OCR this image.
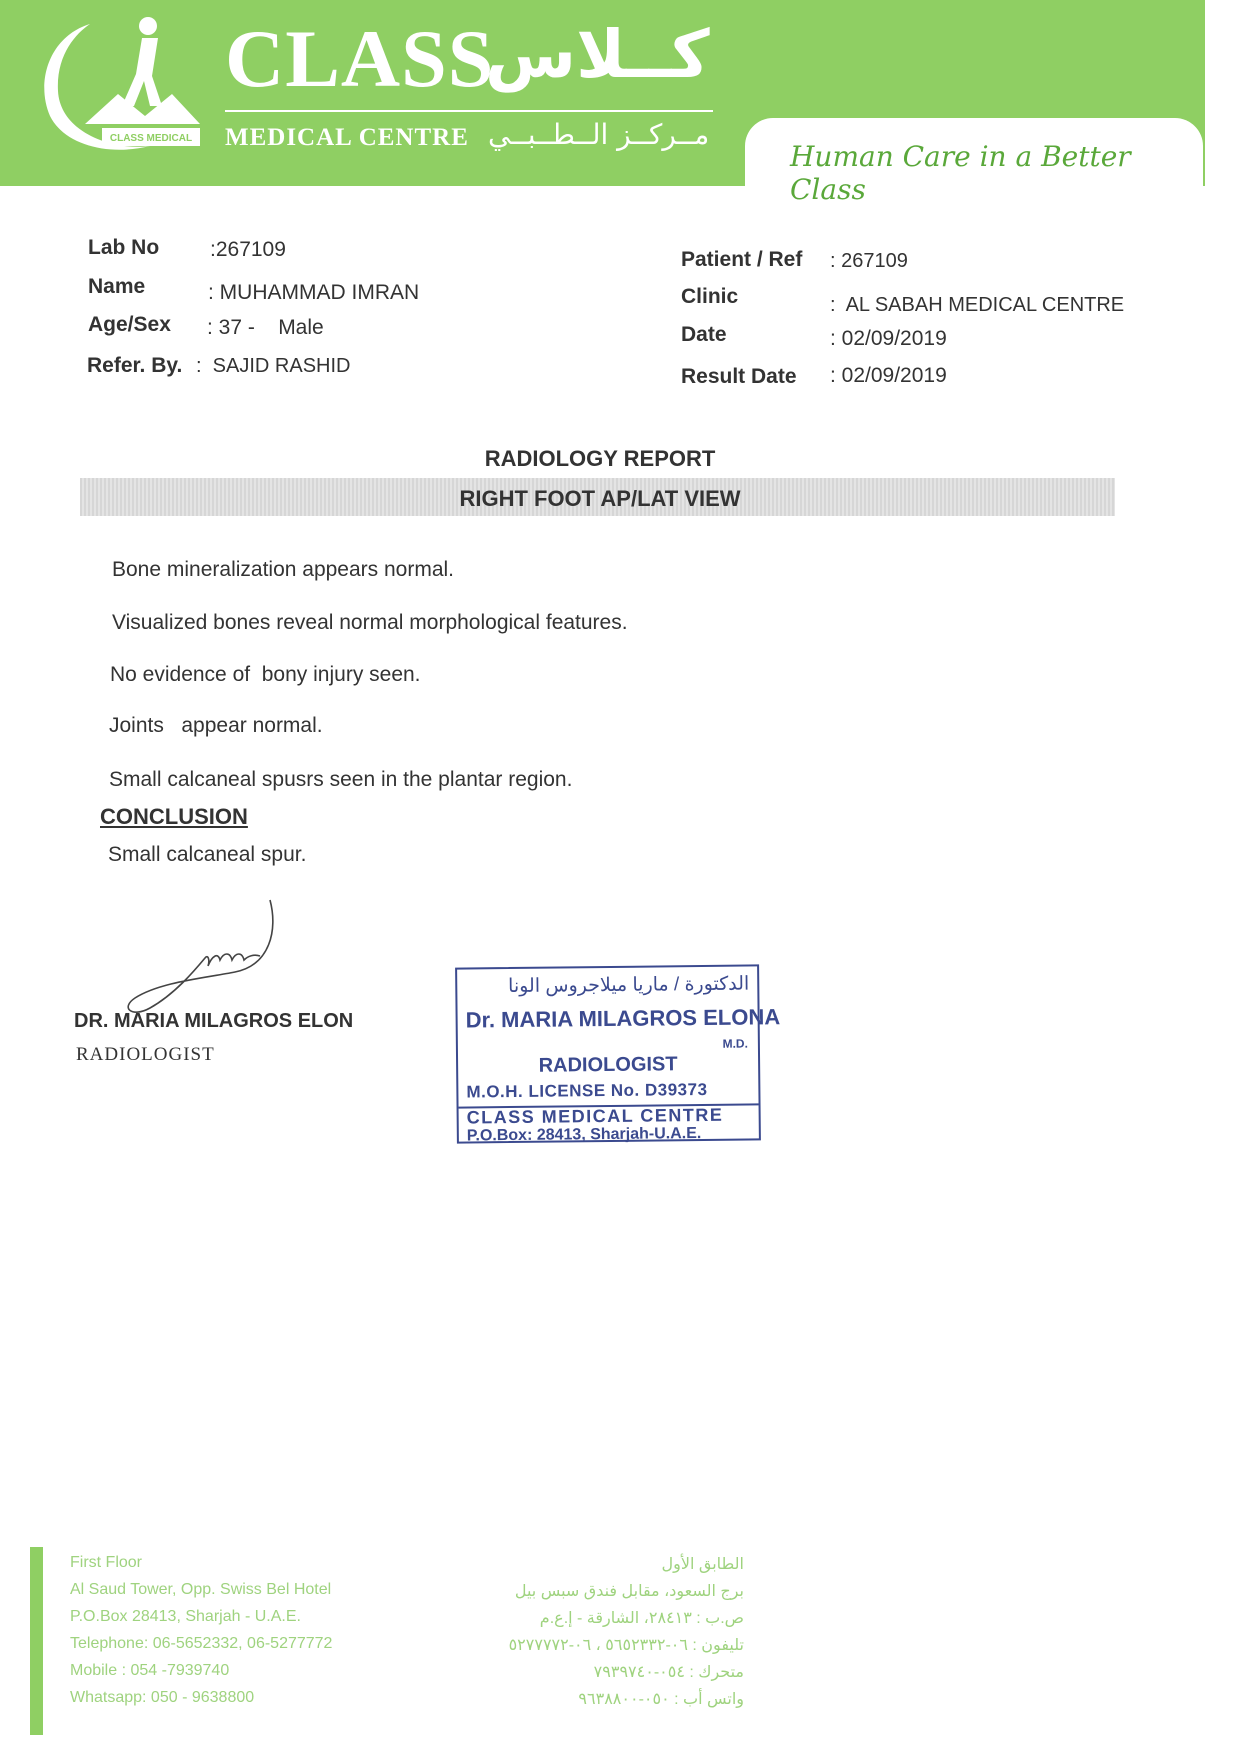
CLASS MEDICAL
CLASS
كــلاس
MEDICAL CENTRE مــركــز الــطــبــي
Human Care in a Better Class
Lab No :267109
Name	: MUHAMMAD IMRAN
Age/Sex : 37 -    Male
Refer. By. :  SAJID RASHID
Patient / Ref : 267109
Clinic	:  AL SABAH MEDICAL CENTRE
Date	: 02/09/2019
Result Date : 02/09/2019
RADIOLOGY REPORT
RIGHT FOOT AP/LAT VIEW
Bone mineralization appears normal.
Visualized bones reveal normal morphological features.
No evidence of  bony injury seen.
Joints   appear normal.
Small calcaneal spusrs seen in the plantar region.
CONCLUSION
Small calcaneal spur.
DR. MARIA MILAGROS ELON
RADIOLOGIST
الدكتورة / ماريا ميلاجروس الونا
Dr. MARIA MILAGROS ELONA
M.D.
RADIOLOGIST
M.O.H. LICENSE No. D39373
CLASS MEDICAL CENTRE
P.O.Box: 28413, Sharjah-U.A.E.
First Floor
Al Saud Tower, Opp. Swiss Bel Hotel
P.O.Box 28413, Sharjah - U.A.E.
Telephone: 06-5652332, 06-5277772
Mobile : 054 -7939740
Whatsapp: 050 - 9638800
الطابق الأول
برج السعود، مقابل فندق سبس بيل
ص.ب : ٢٨٤١٣، الشارقة - إ.ع.م
تليفون : ٠٦-٥٦٥٢٣٣٢ ، ٠٦-٥٢٧٧٧٧٢
متحرك : ٠٥٤-٧٩٣٩٧٤٠
واتس أب : ٠٥٠-٩٦٣٨٨٠٠
